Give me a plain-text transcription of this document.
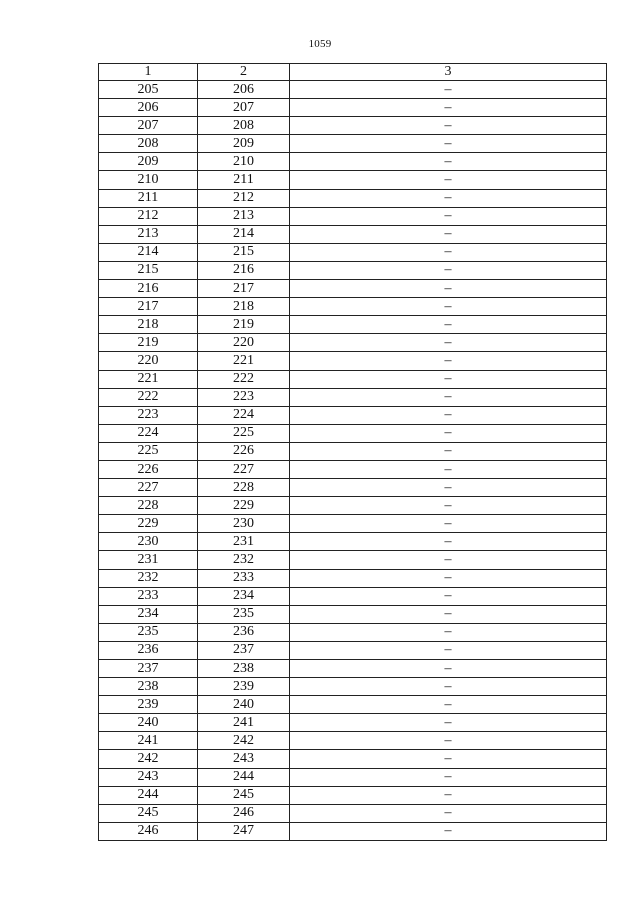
1059
1	2	3
205	206	–
206	207	–
207	208	–
208	209	–
209	210	–
210	211	–
211	212	–
212	213	–
213	214	–
214	215	–
215	216	–
216	217	–
217	218	–
218	219	–
219	220	–
220	221	–
221	222	–
222	223	–
223	224	–
224	225	–
225	226	–
226	227	–
227	228	–
228	229	–
229	230	–
230	231	–
231	232	–
232	233	–
233	234	–
234	235	–
235	236	–
236	237	–
237	238	–
238	239	–
239	240	–
240	241	–
241	242	–
242	243	–
243	244	–
244	245	–
245	246	–
246	247	–
